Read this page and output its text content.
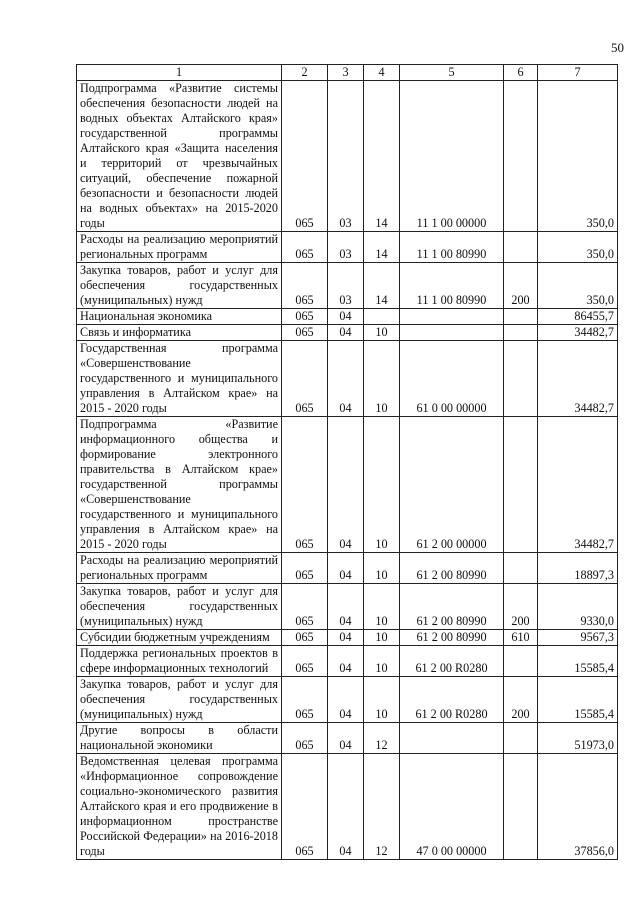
50
1	2	3	4	5	6	7
Подпрограмма «Развитие системы обеспечения безопасности людей на водных объектах Алтайского края» государственной программы Алтайского края «Защита населения и территорий от чрезвычайных ситуаций, обеспечение пожарной безопасности и безопасности людей на водных объектах» на 2015-2020 годы	065	03	14	11 1 00 00000		350,0
Расходы на реализацию мероприятий региональных программ	065	03	14	11 1 00 80990		350,0
Закупка товаров, работ и услуг для обеспечения государственных (муниципальных) нужд	065	03	14	11 1 00 80990	200	350,0
Национальная экономика	065	04				86455,7
Связь и информатика	065	04	10			34482,7
Государственная программа «Совершенствование государственного и муниципального управления в Алтайском крае» на 2015 - 2020 годы	065	04	10	61 0 00 00000		34482,7
Подпрограмма «Развитие информационного общества и формирование электронного правительства в Алтайском крае» государственной программы «Совершенствование государственного и муниципального управления в Алтайском крае» на 2015 - 2020 годы	065	04	10	61 2 00 00000		34482,7
Расходы на реализацию мероприятий региональных программ	065	04	10	61 2 00 80990		18897,3
Закупка товаров, работ и услуг для обеспечения государственных (муниципальных) нужд	065	04	10	61 2 00 80990	200	9330,0
Субсидии бюджетным учреждениям	065	04	10	61 2 00 80990	610	9567,3
Поддержка региональных проектов в сфере информационных технологий	065	04	10	61 2 00 R0280		15585,4
Закупка товаров, работ и услуг для обеспечения государственных (муниципальных) нужд	065	04	10	61 2 00 R0280	200	15585,4
Другие вопросы в области национальной экономики	065	04	12			51973,0
Ведомственная целевая программа «Информационное сопровождение социально-экономического развития Алтайского края и его продвижение в информационном пространстве Российской Федерации» на 2016-2018 годы	065	04	12	47 0 00 00000		37856,0
